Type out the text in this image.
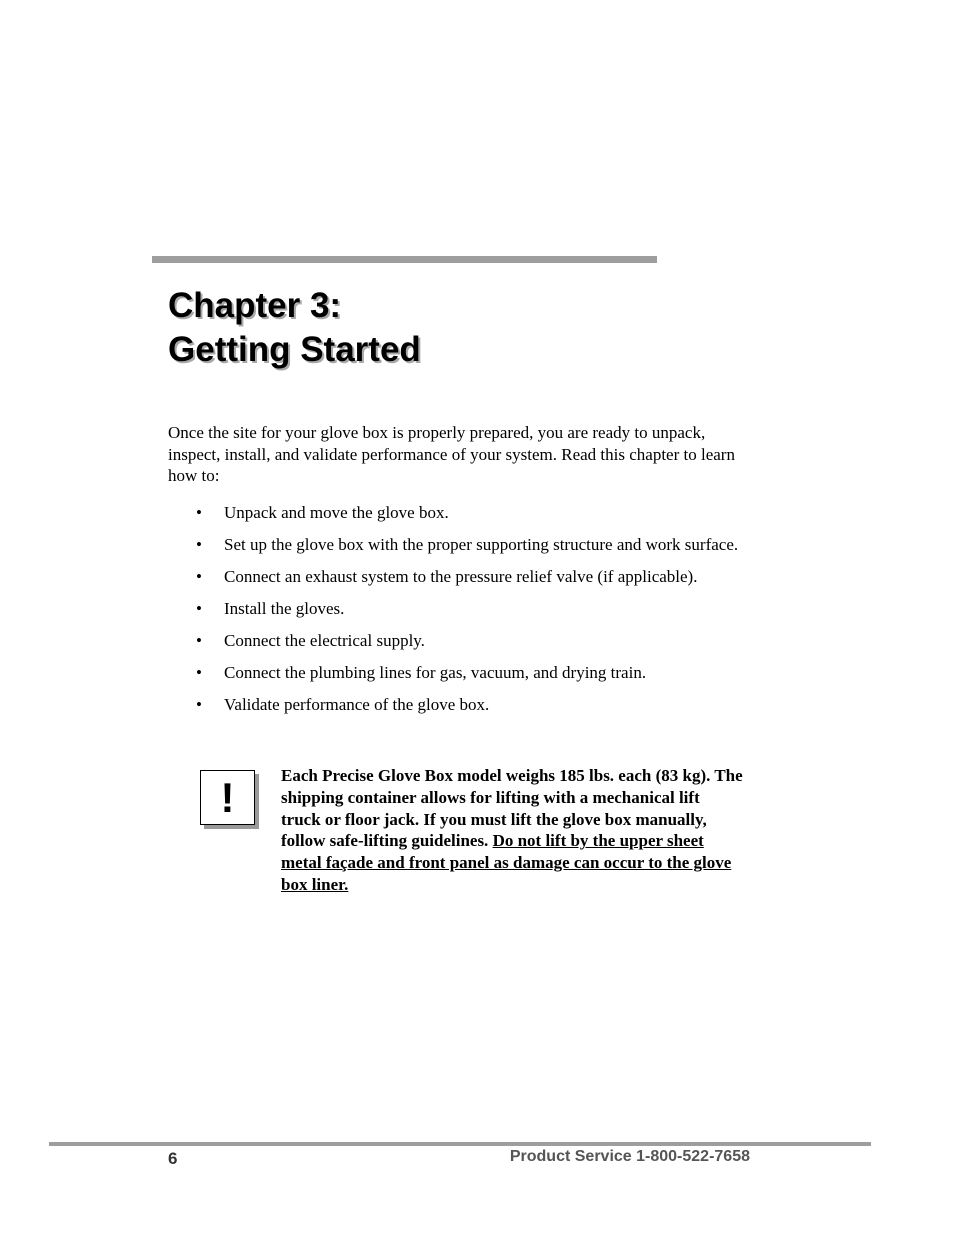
Chapter 3:
Getting Started

Once the site for your glove box is properly prepared, you are ready to unpack, inspect, install, and validate performance of your system. Read this chapter to learn how to:

• Unpack and move the glove box.
• Set up the glove box with the proper supporting structure and work surface.
• Connect an exhaust system to the pressure relief valve (if applicable).
• Install the gloves.
• Connect the electrical supply.
• Connect the plumbing lines for gas, vacuum, and drying train.
• Validate performance of the glove box.
!	Each Precise Glove Box model weighs 185 lbs. each (83 kg). The shipping container allows for lifting with a mechanical lift truck or floor jack. If you must lift the glove box manually, follow safe-lifting guidelines. Do not lift by the upper sheet metal façade and front panel as damage can occur to the glove box liner.

6	Product Service 1-800-522-7658
